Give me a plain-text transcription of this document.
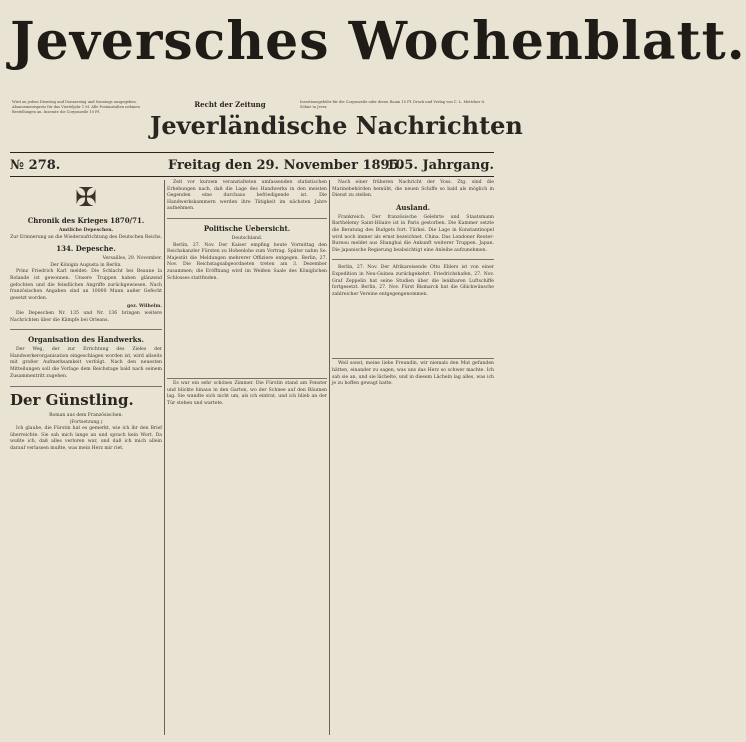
Jeversches Wochenblatt.
Wird an jedem Dienstag und Donnerstag und Sonntags ausgegeben. Abonnementspreis für das Vierteljahr 1 M. Alle Postanstalten nehmen Bestellungen an. Inserate die Corpuszeile 10 Pf.
Recht der Zeitung	Insertionsgebühr für die Corpuszeile oder deren Raum 10 Pf. Druck und Verlag von C. L. Mettcker & Söhne in Jever.
Jeverländische Nachrichten
№ 278.	Freitag den 29. November 1895.
105. Jahrgang.
✠
Chronik des Krieges 1870/71.
Amtliche Depeschen.
Zur Erinnerung an die Wiederaufrichtung des Deutschen Reichs.
134. Depesche.
Versailles, 29. November.
Der Königin Augusta in Berlin.

Prinz Friedrich Karl meldet: Die Schlacht bei Beaune la Rolande ist gewonnen. Unsere Truppen haben glänzend gefochten und die feindlichen Angriffe zurückgewiesen. Nach französischen Angaben sind an 10000 Mann außer Gefecht gesetzt worden.

gez. Wilhelm.

Die Depeschen Nr. 135 und Nr. 136 bringen weitere Nachrichten über die Kämpfe bei Orleans.

Organisation des Handwerks.

Der Weg, der zur Errichtung des Zieles der Handwerkerorganisation eingeschlagen worden ist, wird allseits mit großer Aufmerksamkeit verfolgt. Nach den neuesten Mitteilungen soll die Vorlage dem Reichstage bald nach seinem Zusammentritt zugehen.

Der Günstling.
Roman aus dem Französischen.
(Fortsetzung.)

Ich glaube, die Fürstin hat es gemerkt, wie ich ihr den Brief überreichte. Sie sah mich lange an und sprach kein Wort. Da wußte ich, daß alles verloren war, und daß ich mich allein darauf verlassen mußte, was mein Herz mir riet.

Zeit vor kurzem veranstalteten umfassenden statistischen Erhebungen nach, daß die Lage des Handwerks in den meisten Gegenden eine durchaus befriedigende ist. Die Handwerkskammern werden ihre Tätigkeit im nächsten Jahre aufnehmen.

Politische Uebersicht.
Deutschland.

Berlin, 27. Nov. Der Kaiser empfing heute Vormittag den Reichskanzler Fürsten zu Hohenlohe zum Vortrag. Später nahm Se. Majestät die Meldungen mehrerer Offiziere entgegen. Berlin, 27. Nov. Die Reichstagsabgeordneten treten am 3. Dezember zusammen; die Eröffnung wird im Weißen Saale des Königlichen Schlosses stattfinden.

Es war ein sehr schönes Zimmer. Die Fürstin stand am Fenster und blickte hinaus in den Garten, wo der Schnee auf den Bäumen lag. Sie wandte sich nicht um, als ich eintrat, und ich blieb an der Tür stehen und wartete.

Nach einer früheren Nachricht der Voss. Ztg. sind die Marinebehörden bemüht, die neuen Schiffe so bald als möglich in Dienst zu stellen.

Ausland.

Frankreich. Der französische Gelehrte und Staatsmann Barthélemy Saint-Hilaire ist in Paris gestorben. Die Kammer setzte die Beratung des Budgets fort. Türkei. Die Lage in Konstantinopel wird noch immer als ernst bezeichnet. China. Das Londoner Reuter-Bureau meldet aus Shanghai die Ankunft weiterer Truppen. Japan. Die japanische Regierung beabsichtigt eine Anleihe aufzunehmen.

Berlin, 27. Nov. Der Afrikareisende Otto Ehlers ist von einer Expedition in Neu-Guinea zurückgekehrt. Friedrichshafen, 27. Nov. Graf Zeppelin hat seine Studien über die lenkbaren Luftschiffe fortgesetzt. Berlin, 27. Nov. Fürst Bismarck hat die Glückwünsche zahlreicher Vereine entgegengenommen.

Weil sonst, meine liebe Freundin, wir niemals den Mut gefunden hätten, einander zu sagen, was uns das Herz so schwer machte. Ich sah sie an, und sie lächelte, und in diesem Lächeln lag alles, was ich je zu hoffen gewagt hatte.
